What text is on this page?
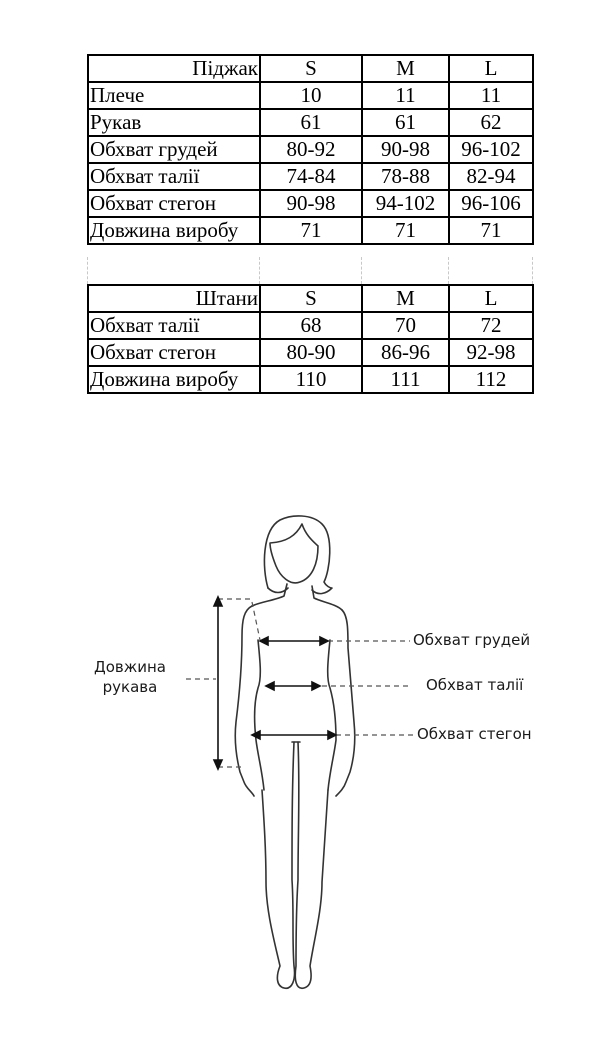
Піджак	S	M	L
Плече	10	11	11
Рукав	61	61	62
Обхват грудей	80-92	90-98	96-102
Обхват талії	74-84	78-88	82-94
Обхват стегон	90-98	94-102	96-106
Довжина виробу	71	71	71
Штани	S	M	L
Обхват талії	68	70	72
Обхват стегон	80-90	86-96	92-98
Довжина виробу	110	111	112
Довжина
рукава
Обхват грудей
Обхват талії
Обхват стегон
